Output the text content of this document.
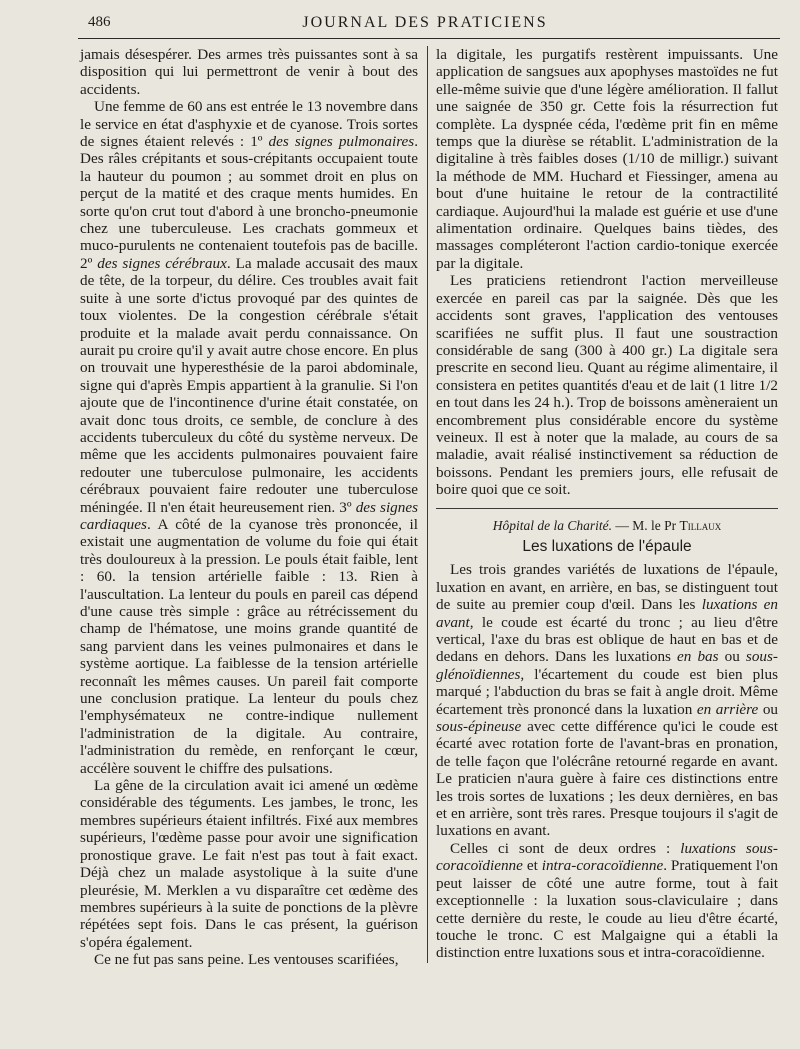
486	JOURNAL DES PRATICIENS

jamais désespérer. Des armes très puissantes sont à sa disposition qui lui permettront de venir à bout des accidents.

Une femme de 60 ans est entrée le 13 novembre dans le service en état d'asphyxie et de cyanose. Trois sortes de signes étaient relevés : 1º des signes pulmonaires. Des râles crépitants et sous-crépitants occupaient toute la hauteur du poumon ; au sommet droit en plus on perçut de la matité et des craque ments humides. En sorte qu'on crut tout d'abord à une broncho-pneumonie chez une tuberculeuse. Les crachats gommeux et muco-purulents ne contenaient toutefois pas de bacille. 2º des signes cérébraux. La malade accusait des maux de tête, de la torpeur, du délire. Ces troubles avait fait suite à une sorte d'ictus provoqué par des quintes de toux violentes. De la congestion cérébrale s'était produite et la malade avait perdu connaissance. On aurait pu croire qu'il y avait autre chose encore. En plus on trouvait une hyperesthésie de la paroi abdominale, signe qui d'après Empis appartient à la granulie. Si l'on ajoute que de l'incontinence d'urine était constatée, on avait donc tous droits, ce semble, de conclure à des accidents tuberculeux du côté du système nerveux. De même que les accidents pulmonaires pouvaient faire redouter une tuberculose pulmonaire, les accidents cérébraux pouvaient faire redouter une tuberculose méningée. Il n'en était heureusement rien. 3º des signes cardiaques. A côté de la cyanose très prononcée, il existait une augmentation de volume du foie qui était très douloureux à la pression. Le pouls était faible, lent : 60. la tension artérielle faible : 13. Rien à l'auscultation. La lenteur du pouls en pareil cas dépend d'une cause très simple : grâce au rétrécissement du champ de l'hématose, une moins grande quantité de sang parvient dans les veines pulmonaires et dans le système aortique. La faiblesse de la tension artérielle reconnaît les mêmes causes. Un pareil fait comporte une conclusion pratique. La lenteur du pouls chez l'emphysémateux ne contre-indique nullement l'administration de la digitale. Au contraire, l'administration du remède, en renforçant le cœur, accélère souvent le chiffre des pulsations.

La gêne de la circulation avait ici amené un œdème considérable des téguments. Les jambes, le tronc, les membres supérieurs étaient infiltrés. Fixé aux membres supérieurs, l'œdème passe pour avoir une signification pronostique grave. Le fait n'est pas tout à fait exact. Déjà chez un malade asystolique à la suite d'une pleurésie, M. Merklen a vu disparaître cet œdème des membres supérieurs à la suite de ponctions de la plèvre répétées sept fois. Dans le cas présent, la guérison s'opéra également.

Ce ne fut pas sans peine. Les ventouses scarifiées,

la digitale, les purgatifs restèrent impuissants. Une application de sangsues aux apophyses mastoïdes ne fut elle-même suivie que d'une légère amélioration. Il fallut une saignée de 350 gr. Cette fois la résurrection fut complète. La dyspnée céda, l'œdème prit fin en même temps que la diurèse se rétablit. L'administration de la digitaline à très faibles doses (1/10 de milligr.) suivant la méthode de MM. Huchard et Fiessinger, amena au bout d'une huitaine le retour de la contractilité cardiaque. Aujourd'hui la malade est guérie et use d'une alimentation ordinaire. Quelques bains tièdes, des massages compléteront l'action cardio-tonique exercée par la digitale.

Les praticiens retiendront l'action merveilleuse exercée en pareil cas par la saignée. Dès que les accidents sont graves, l'application des ventouses scarifiées ne suffit plus. Il faut une soustraction considérable de sang (300 à 400 gr.) La digitale sera prescrite en second lieu. Quant au régime alimentaire, il consistera en petites quantités d'eau et de lait (1 litre 1/2 en tout dans les 24 h.). Trop de boissons amèneraient un encombrement plus considérable encore du système veineux. Il est à noter que la malade, au cours de sa maladie, avait réalisé instinctivement sa réduction de boissons. Pendant les premiers jours, elle refusait de boire quoi que ce soit.

Hôpital de la Charité. — M. le Pr Tillaux
Les luxations de l'épaule

Les trois grandes variétés de luxations de l'épaule, luxation en avant, en arrière, en bas, se distinguent tout de suite au premier coup d'œil. Dans les luxations en avant, le coude est écarté du tronc ; au lieu d'être vertical, l'axe du bras est oblique de haut en bas et de dedans en dehors. Dans les luxations en bas ou sous-glénoïdiennes, l'écartement du coude est bien plus marqué ; l'abduction du bras se fait à angle droit. Même écartement très prononcé dans la luxation en arrière ou sous-épineuse avec cette différence qu'ici le coude est écarté avec rotation forte de l'avant-bras en pronation, de telle façon que l'olécrâne retourné regarde en avant. Le praticien n'aura guère à faire ces distinctions entre les trois sortes de luxations ; les deux dernières, en bas et en arrière, sont très rares. Presque toujours il s'agit de luxations en avant.

Celles ci sont de deux ordres : luxations sous-coracoïdienne et intra-coracoïdienne. Pratiquement l'on peut laisser de côté une autre forme, tout à fait exceptionnelle : la luxation sous-claviculaire ; dans cette dernière du reste, le coude au lieu d'être écarté, touche le tronc. C est Malgaigne qui a établi la distinction entre luxations sous et intra-coracoïdienne.
